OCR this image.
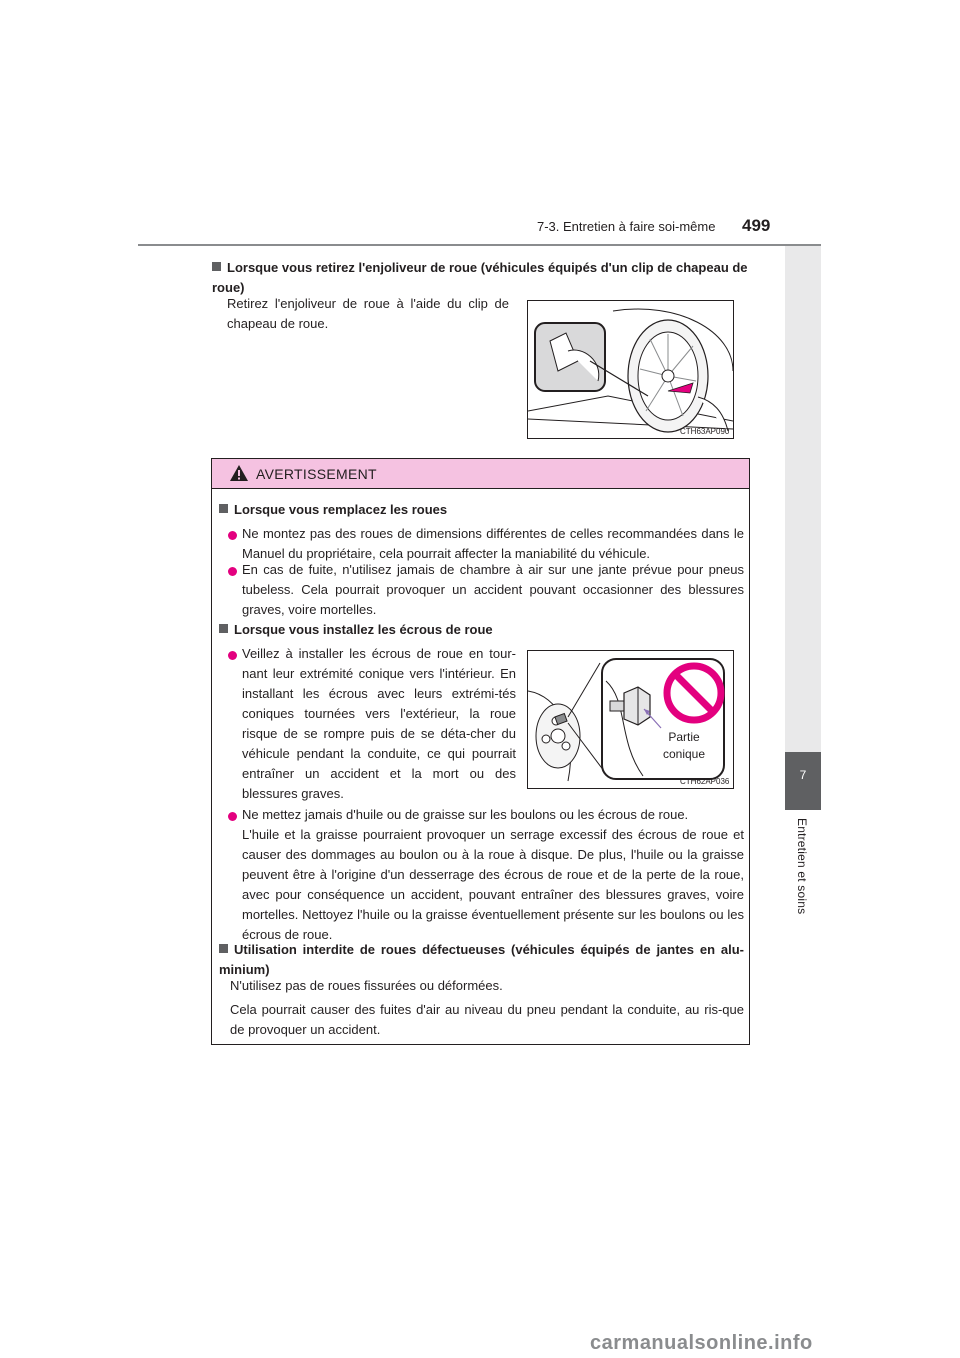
7-3. Entretien à faire soi-même 499
7
Entretien et soins
Lorsque vous retirez l'enjoliveur de roue (véhicules équipés d'un clip de chapeau de roue)
Retirez l'enjoliveur de roue à l'aide du clip de chapeau de roue.
CTH63AP090
AVERTISSEMENT
Lorsque vous remplacez les roues
Ne montez pas des roues de dimensions différentes de celles recommandées dans le Manuel du propriétaire, cela pourrait affecter la maniabilité du véhicule.
En cas de fuite, n'utilisez jamais de chambre à air sur une jante prévue pour pneus tubeless. Cela pourrait provoquer un accident pouvant occasionner des blessures graves, voire mortelles.
Lorsque vous installez les écrous de roue
Veillez à installer les écrous de roue en tour-nant leur extrémité conique vers l'intérieur. En installant les écrous avec leurs extrémi-tés coniques tournées vers l'extérieur, la roue risque de se rompre puis de se déta-cher du véhicule pendant la conduite, ce qui pourrait entraîner un accident et la mort ou des blessures graves.
Ne mettez jamais d'huile ou de graisse sur les boulons ou les écrous de roue.
L'huile et la graisse pourraient provoquer un serrage excessif des écrous de roue et causer des dommages au boulon ou à la roue à disque. De plus, l'huile ou la graisse peuvent être à l'origine d'un desserrage des écrous de roue et de la perte de la roue, avec pour conséquence un accident, pouvant entraîner des blessures graves, voire mortelles. Nettoyez l'huile ou la graisse éventuellement présente sur les boulons ou les écrous de roue.
Utilisation interdite de roues défectueuses (véhicules équipés de jantes en alu-minium)
N'utilisez pas de roues fissurées ou déformées.
Cela pourrait causer des fuites d'air au niveau du pneu pendant la conduite, au ris-que de provoquer un accident.
Partie
conique
CTH62AP036
carmanualsonline.info
